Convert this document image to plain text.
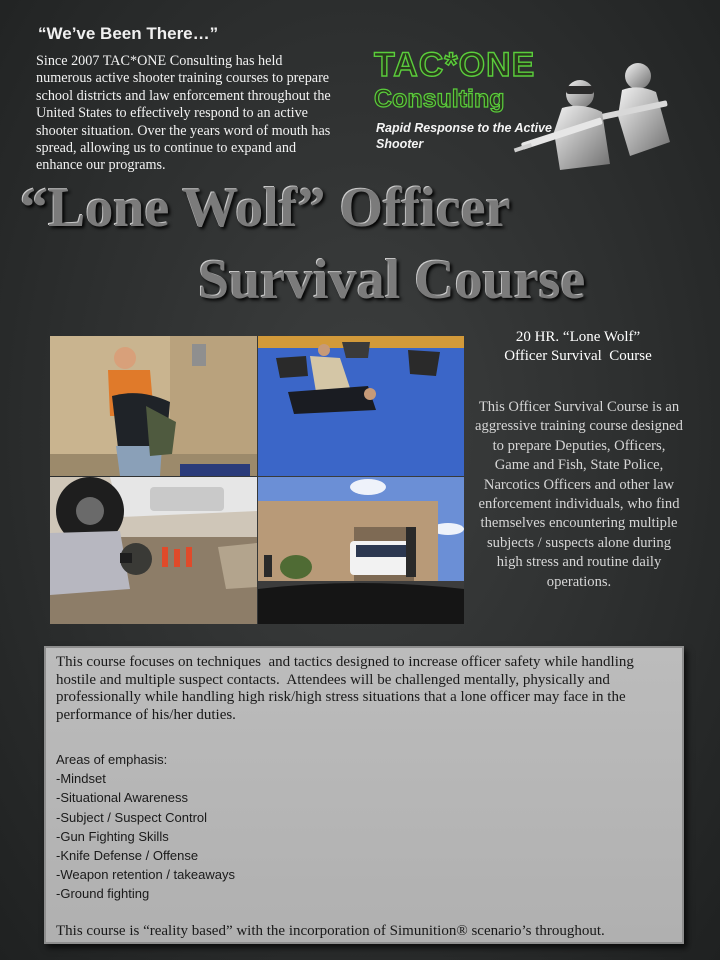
“We’ve Been There…”
Since 2007 TAC*ONE Consulting has held numerous active shooter training courses to prepare school districts and law enforcement throughout the United States to effectively respond to an active shooter situation. Over the years word of mouth has spread, allowing us to continue to expand and enhance our programs.
TAC*ONE
Consulting
Rapid Response to the Active Shooter
“Lone Wolf” Officer
Survival Course
20 HR. “Lone Wolf”
Officer Survival  Course
This Officer Survival Course is an aggressive training course designed to prepare Deputies, Officers, Game and Fish, State Police, Narcotics Officers and other law enforcement individuals, who find themselves encountering multiple subjects / suspects alone during high stress and routine daily operations.
This course focuses on techniques  and tactics designed to increase officer safety while handling hostile and multiple suspect contacts.  Attendees will be challenged mentally, physically and professionally while handling high risk/high stress situations that a lone officer may face in the performance of his/her duties.
Areas of emphasis:
-Mindset
-Situational Awareness
-Subject / Suspect Control
-Gun Fighting Skills
-Knife Defense / Offense
-Weapon retention / takeaways
-Ground fighting
This course is “reality based” with the incorporation of Simunition® scenario’s throughout.
